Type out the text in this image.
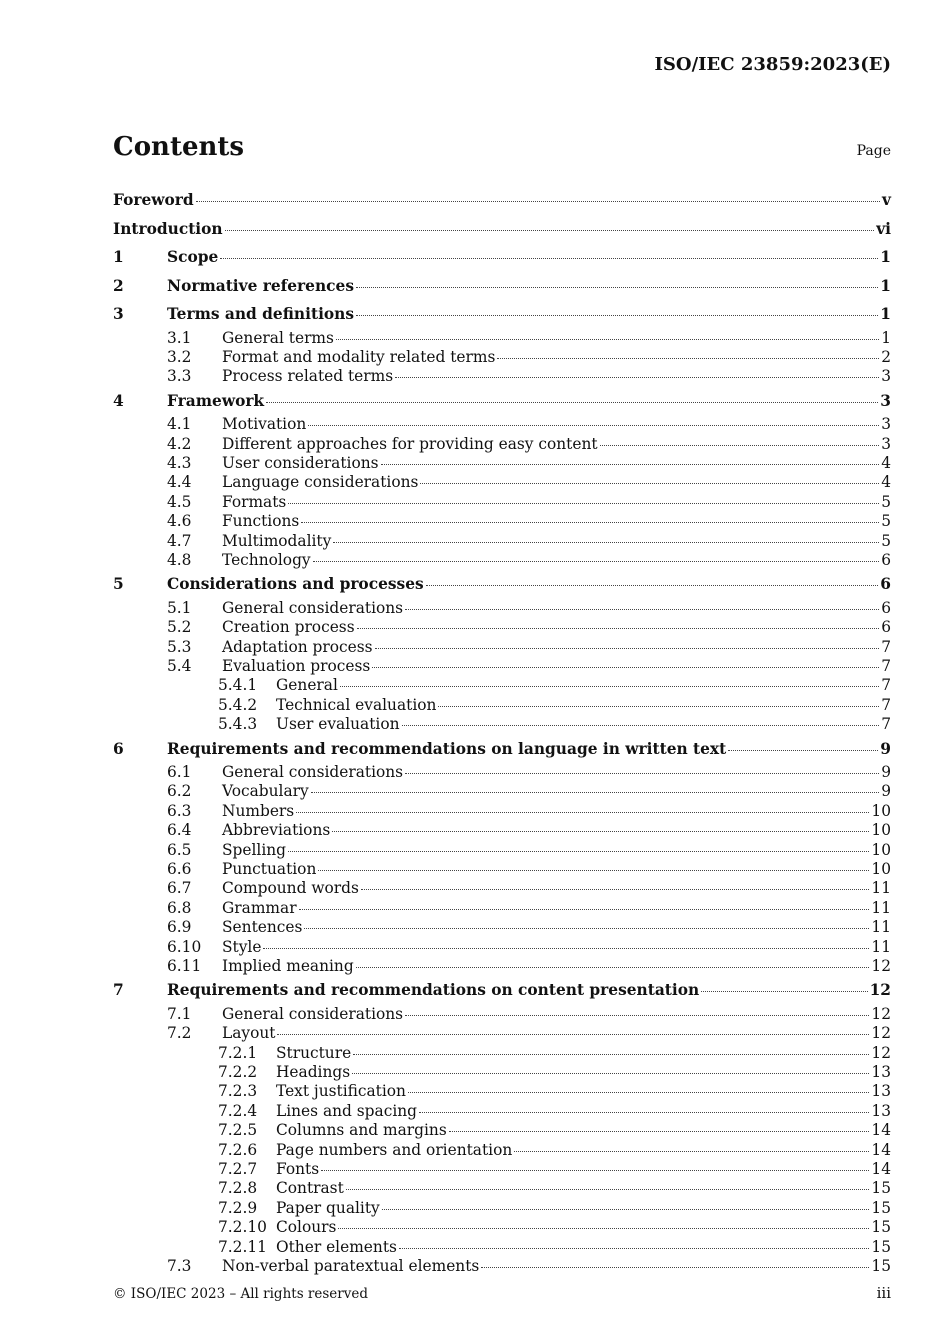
ISO/IEC 23859:2023(E)
Contents	Page
Foreword	v
Introduction	vi
1	Scope	1
2	Normative references	1
3	Terms and definitions	1
3.1	General terms	1
3.2	Format and modality related terms	2
3.3	Process related terms	3
4	Framework	3
4.1	Motivation	3
4.2	Different approaches for providing easy content	3
4.3	User considerations	4
4.4	Language considerations	4
4.5	Formats	5
4.6	Functions	5
4.7	Multimodality	5
4.8	Technology	6
5	Considerations and processes	6
5.1	General considerations	6
5.2	Creation process	6
5.3	Adaptation process	7
5.4	Evaluation process	7
5.4.1	General	7
5.4.2	Technical evaluation	7
5.4.3	User evaluation	7
6	Requirements and recommendations on language in written text	9
6.1	General considerations	9
6.2	Vocabulary	9
6.3	Numbers	10
6.4	Abbreviations	10
6.5	Spelling	10
6.6	Punctuation	10
6.7	Compound words	11
6.8	Grammar	11
6.9	Sentences	11
6.10	Style	11
6.11	Implied meaning	12
7	Requirements and recommendations on content presentation	12
7.1	General considerations	12
7.2	Layout	12
7.2.1	Structure	12
7.2.2	Headings	13
7.2.3	Text justification	13
7.2.4	Lines and spacing	13
7.2.5	Columns and margins	14
7.2.6	Page numbers and orientation	14
7.2.7	Fonts	14
7.2.8	Contrast	15
7.2.9	Paper quality	15
7.2.10 Colours	15
7.2.11 Other elements	15
7.3	Non-verbal paratextual elements	15
© ISO/IEC 2023 – All rights reserved	iii
